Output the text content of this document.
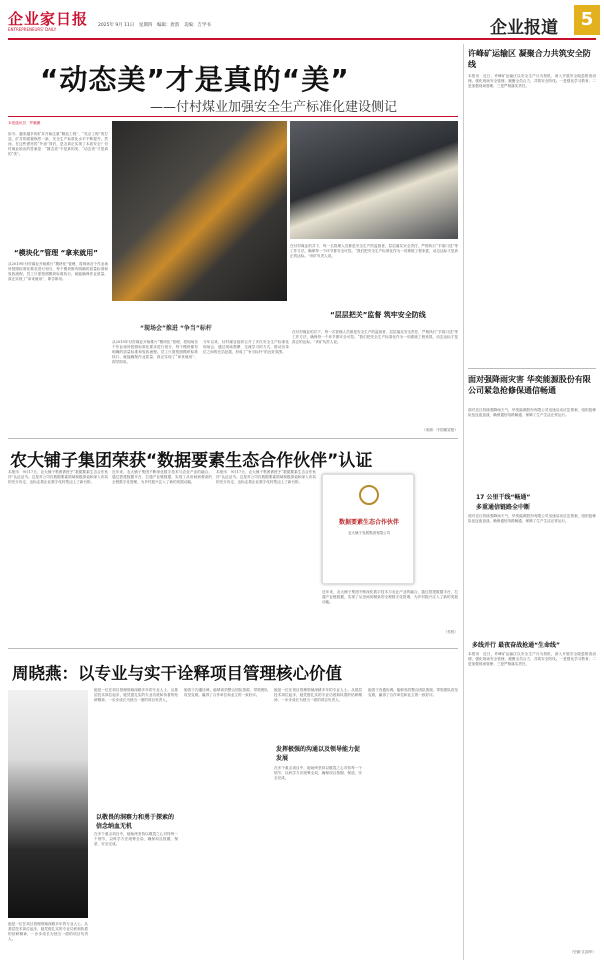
企业家日报
ENTREPRENEURS' DAILY
2025年 9月 11日　星期四　编辑：唐韵　美编：吉学书	企业报道	5
“动态美”才是真的“美”
——付村煤业加强安全生产标准化建设侧记
本报通讯员　罗鹏鹏
如今，越来越多的矿井开始注重“精品工程”、“亮点工程”的打造，矿井的面貌焕然一新，安全生产标准化水平不断提升。然而，在这些漂亮的“外表”背后，是否真正实现了本质安全？付村煤业给出的答案是：“静态美”不是真的美，“动态美”才是真的“美”。
“模块化”管理 “拿来就用”
从2019年付村煤业开始推行“模块化”管理，将现场各个作业场所按照标准化要求进行划分，每个模块都有明确的质量标准和验收流程。员工只需按照模块标准执行，就能确保作业质量，真正实现了“拿来就用”、即学即用。
在付村煤业的井下，每一名管理人员都是安全生产的监督者，层层落实安全责任，严格执行“手指口述”等工作方法，确保每一个环节都安全可控。“我们把安全生产标准化作为一项系统工程来抓，动态达标才是真正的达标。”该矿负责人说。
“现场会”推进 “争当”标杆
从2019年付村煤业开始推行“模块化”管理，将现场各个作业场所按照标准化要求进行划分，每个模块都有明确的质量标准和验收流程。员工只需按照模块标准执行，就能确保作业质量，真正实现了“拿来就用”、即学即用。
今年以来，付村煤业组织召开了多次安全生产标准化现场会，通过现场观摩、交流学习的方式，推动各单位之间的比学赶超，形成了“争当标杆”的良好氛围。
“层层把关”监督 筑牢安全防线
在付村煤业的井下，每一名管理人员都是安全生产的监督者，层层落实安全责任，严格执行“手指口述”等工作方法，确保每一个环节都安全可控。“我们把安全生产标准化作为一项系统工程来抓，动态达标才是真正的达标。”该矿负责人说。
（来源：中国煤炭报）
农大铺子集团荣获“数据要素生态合作伙伴”认证
本报讯　9月17日，农大铺子集团被授予“数据要素生态合作伙伴”认证证书。这是对公司在数据要素领域积极探索和深入布局的充分肯定，也标志着企业数字化转型迈上了新台阶。
近年来，农大铺子集团不断深化数字技术与农业产业的融合，通过搭建数据平台、打通产业链数据，实现了从田间到餐桌的全程数字化管理，为乡村振兴注入了新的发展动能。
本报讯　9月17日，农大铺子集团被授予“数据要素生态合作伙伴”认证证书。这是对公司在数据要素领域积极探索和深入布局的充分肯定，也标志着企业数字化转型迈上了新台阶。
数据要素生态合作伙伴
农大铺子发展集团有限公司
近年来，农大铺子集团不断深化数字技术与农业产业的融合，通过搭建数据平台、打通产业链数据，实现了从田间到餐桌的全程数字化管理，为乡村振兴注入了新的发展动能。
（朱恒）
周晓燕：以专业与实干诠释项目管理核心价值
她是一位在项目管理领域深耕多年的专业人士。从基层技术岗位起步，她凭借扎实的专业功底和执着的钻研精神，一步步成长为独当一面的项目负责人。
她是一位在项目管理领域深耕多年的专业人士。从基层技术岗位起步，她凭借扎实的专业功底和执着的钻研精神，一步步成长为独当一面的项目负责人。
以敬畏的洞察力和勇于探索的信念纳血无机
在多个重点项目中，她始终坚持以敬畏之心对待每一个细节，以科学方法统筹全局，确保项目按期、保质、安全完成。
她善于沟通协调，能够高效整合团队资源，带领团队攻坚克难，赢得了合作单位和业主的一致好评。
发挥极强的沟通以及领导能力促发展
她是一位在项目管理领域深耕多年的专业人士。从基层技术岗位起步，她凭借扎实的专业功底和执着的钻研精神，一步步成长为独当一面的项目负责人。
在多个重点项目中，她始终坚持以敬畏之心对待每一个细节，以科学方法统筹全局，确保项目按期、保质、安全完成。
她善于沟通协调，能够高效整合团队资源，带领团队攻坚克难，赢得了合作单位和业主的一致好评。
许峰矿运输区 凝聚合力共筑安全防线
本报讯　近日，许峰矿运输区以安全生产月为契机，深入开展安全隐患排查治理，强化现场安全管理，凝聚全员合力，共筑安全防线。一是强化学习教育；二是加强现场管理；三是严格落实责任。
面对强降雨灾害 华奕能源股份有限公司紧急抢修保通信畅通
面对近日持续强降雨天气，华奕能源股份有限公司迅速启动应急预案，组织抢修队伍连夜奋战，确保通信线路畅通，保障了生产生活正常运行。
17 公里干线“畅通”
多重通信链路全中断
面对近日持续强降雨天气，华奕能源股份有限公司迅速启动应急预案，组织抢修队伍连夜奋战，确保通信线路畅通，保障了生产生活正常运行。
多线并行 最夜奋战抢通“生命线”
本报讯　近日，许峰矿运输区以安全生产月为契机，深入开展安全隐患排查治理，强化现场安全管理，凝聚全员合力，共筑安全防线。一是强化学习教育；二是加强现场管理；三是严格落实责任。
（史颖 江韵华）
